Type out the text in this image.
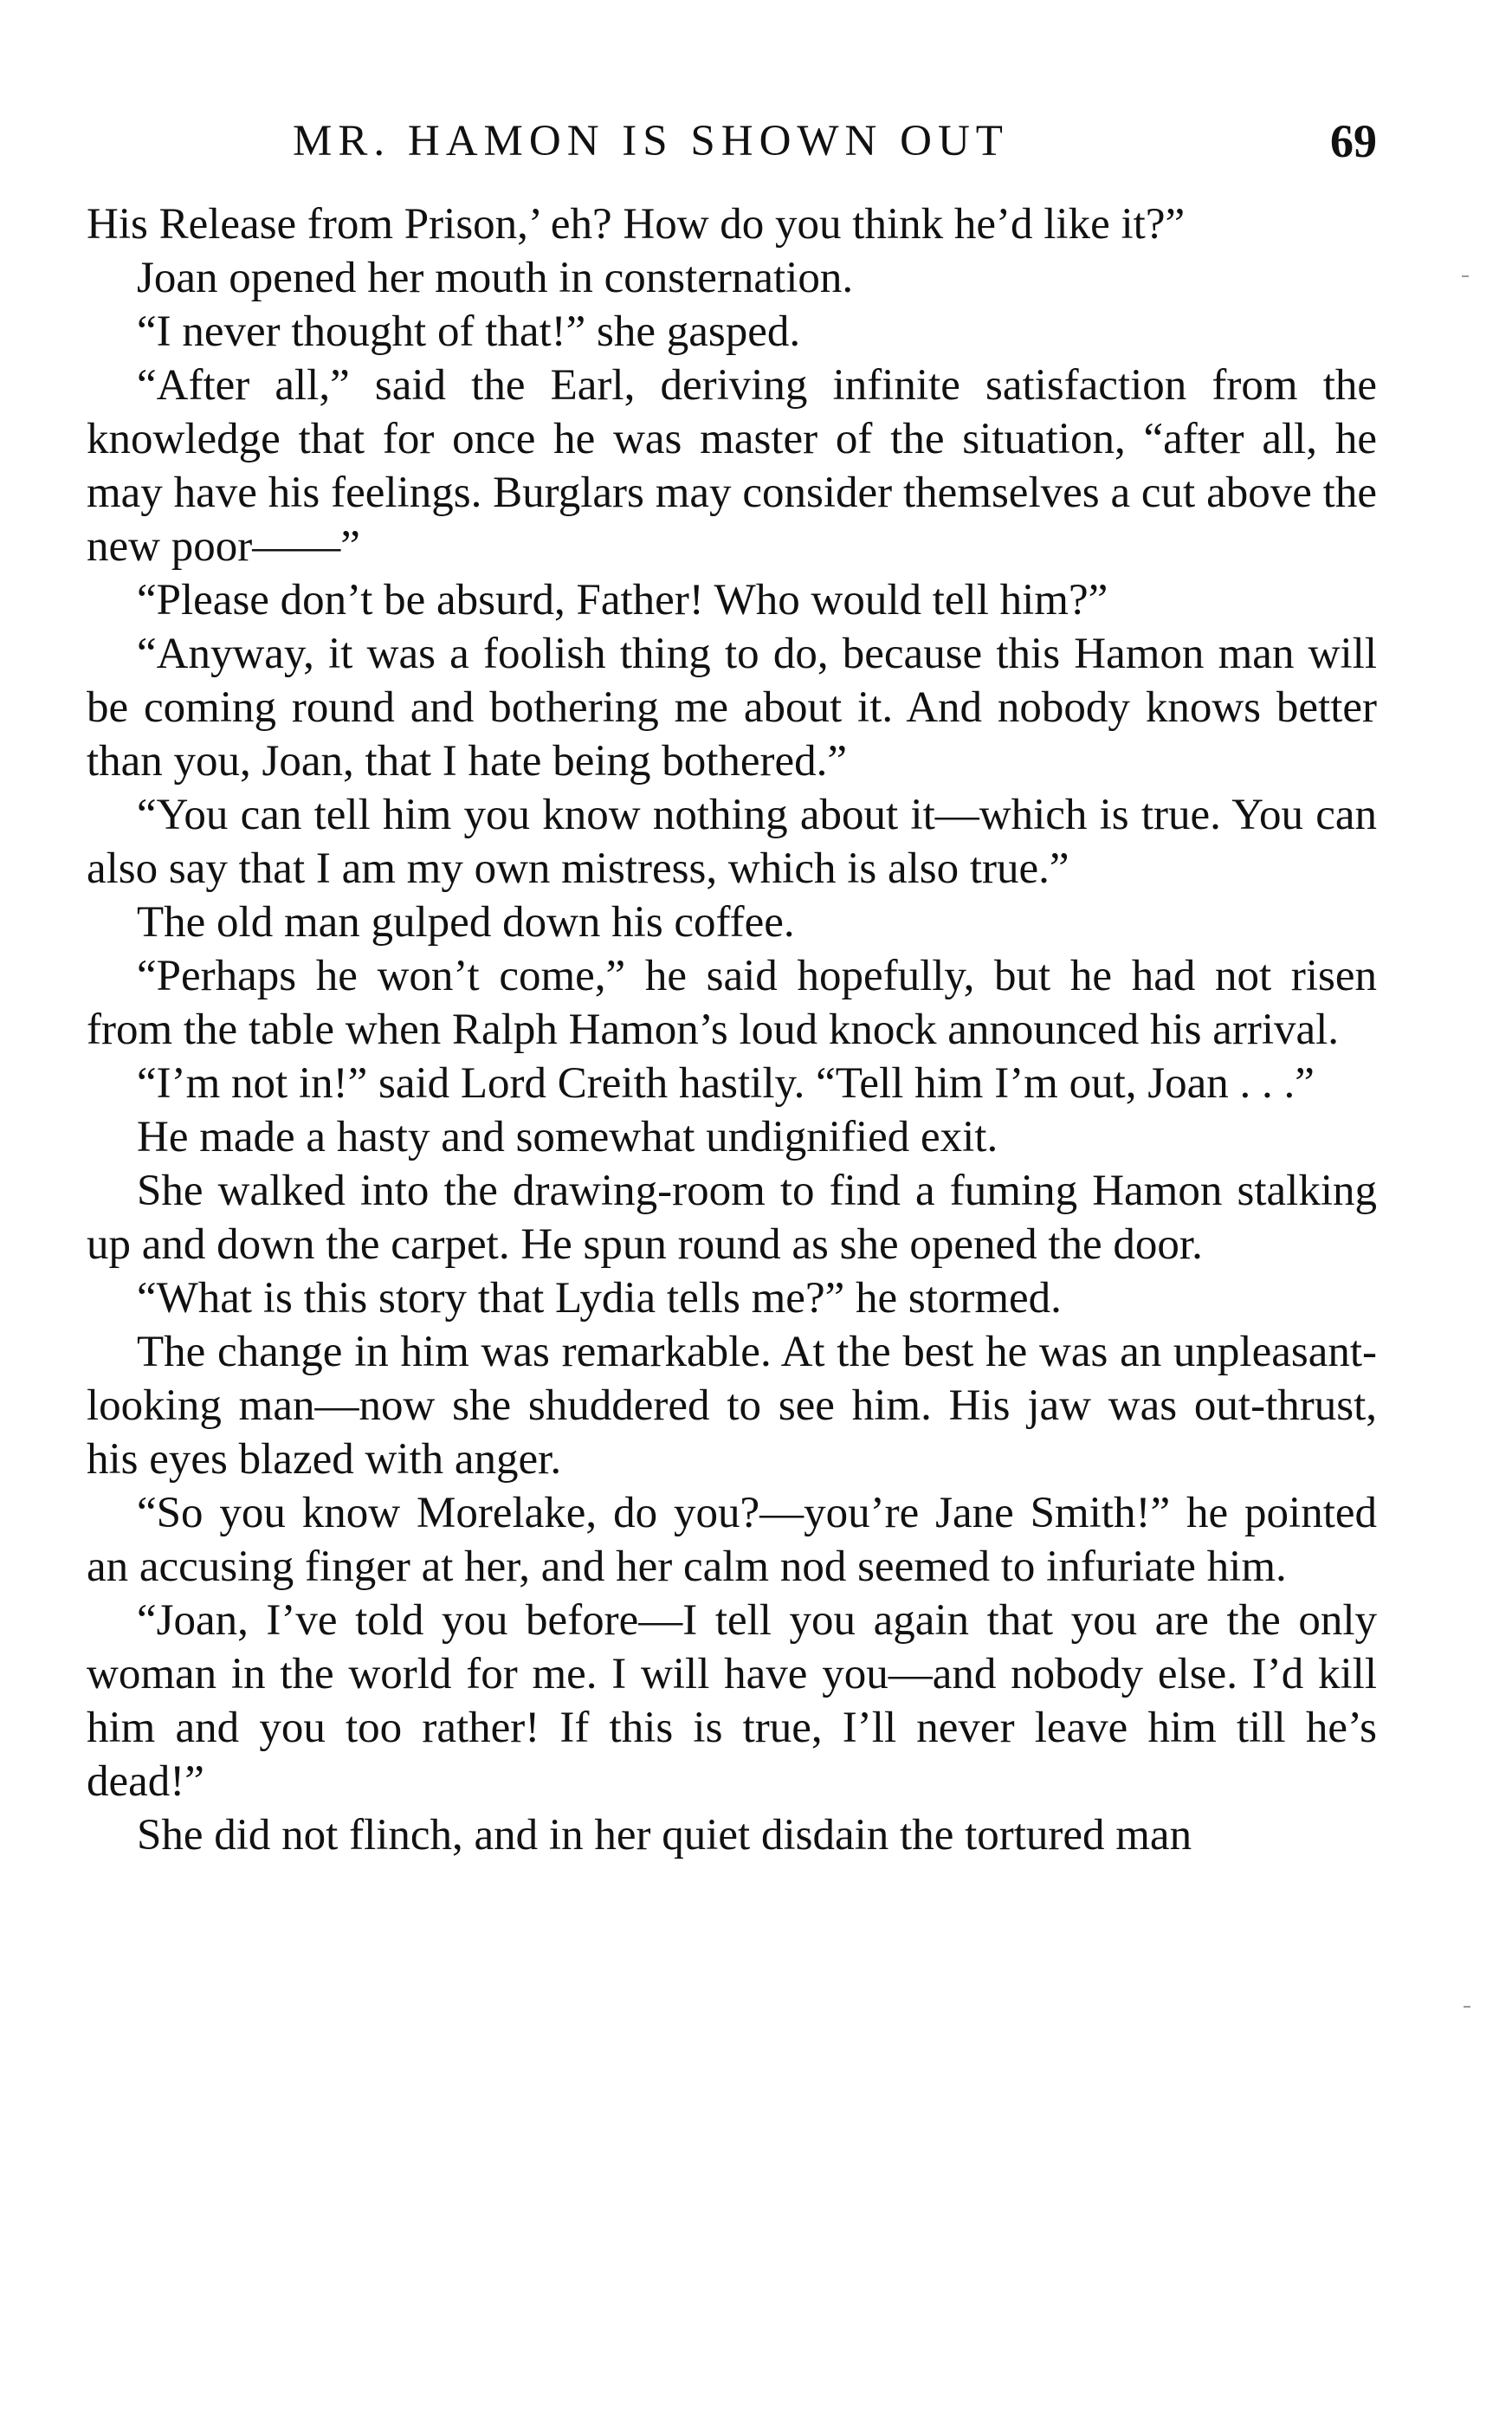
MR. HAMON IS SHOWN OUT	69

His Release from Prison,’ eh? How do you think he’d like it?”

Joan opened her mouth in consternation.

“I never thought of that!” she gasped.

“After all,” said the Earl, deriving infinite satisfaction from the knowledge that for once he was master of the situation, “after all, he may have his feelings. Burglars may consider themselves a cut above the new poor——”

“Please don’t be absurd, Father! Who would tell him?”

“Anyway, it was a foolish thing to do, because this Hamon man will be coming round and bothering me about it. And nobody knows better than you, Joan, that I hate being bothered.”

“You can tell him you know nothing about it—which is true. You can also say that I am my own mistress, which is also true.”

The old man gulped down his coffee.

“Perhaps he won’t come,” he said hopefully, but he had not risen from the table when Ralph Hamon’s loud knock announced his arrival.

“I’m not in!” said Lord Creith hastily. “Tell him I’m out, Joan . . .”

He made a hasty and somewhat undignified exit.

She walked into the drawing-room to find a fuming Hamon stalking up and down the carpet. He spun round as she opened the door.

“What is this story that Lydia tells me?” he stormed.

The change in him was remarkable. At the best he was an unpleasant-looking man—now she shuddered to see him. His jaw was out-thrust, his eyes blazed with anger.

“So you know Morelake, do you?—you’re Jane Smith!” he pointed an accusing finger at her, and her calm nod seemed to infuriate him.

“Joan, I’ve told you before—I tell you again that you are the only woman in the world for me. I will have you—and nobody else. I’d kill him and you too rather! If this is true, I’ll never leave him till he’s dead!”

She did not flinch, and in her quiet disdain the tortured man
